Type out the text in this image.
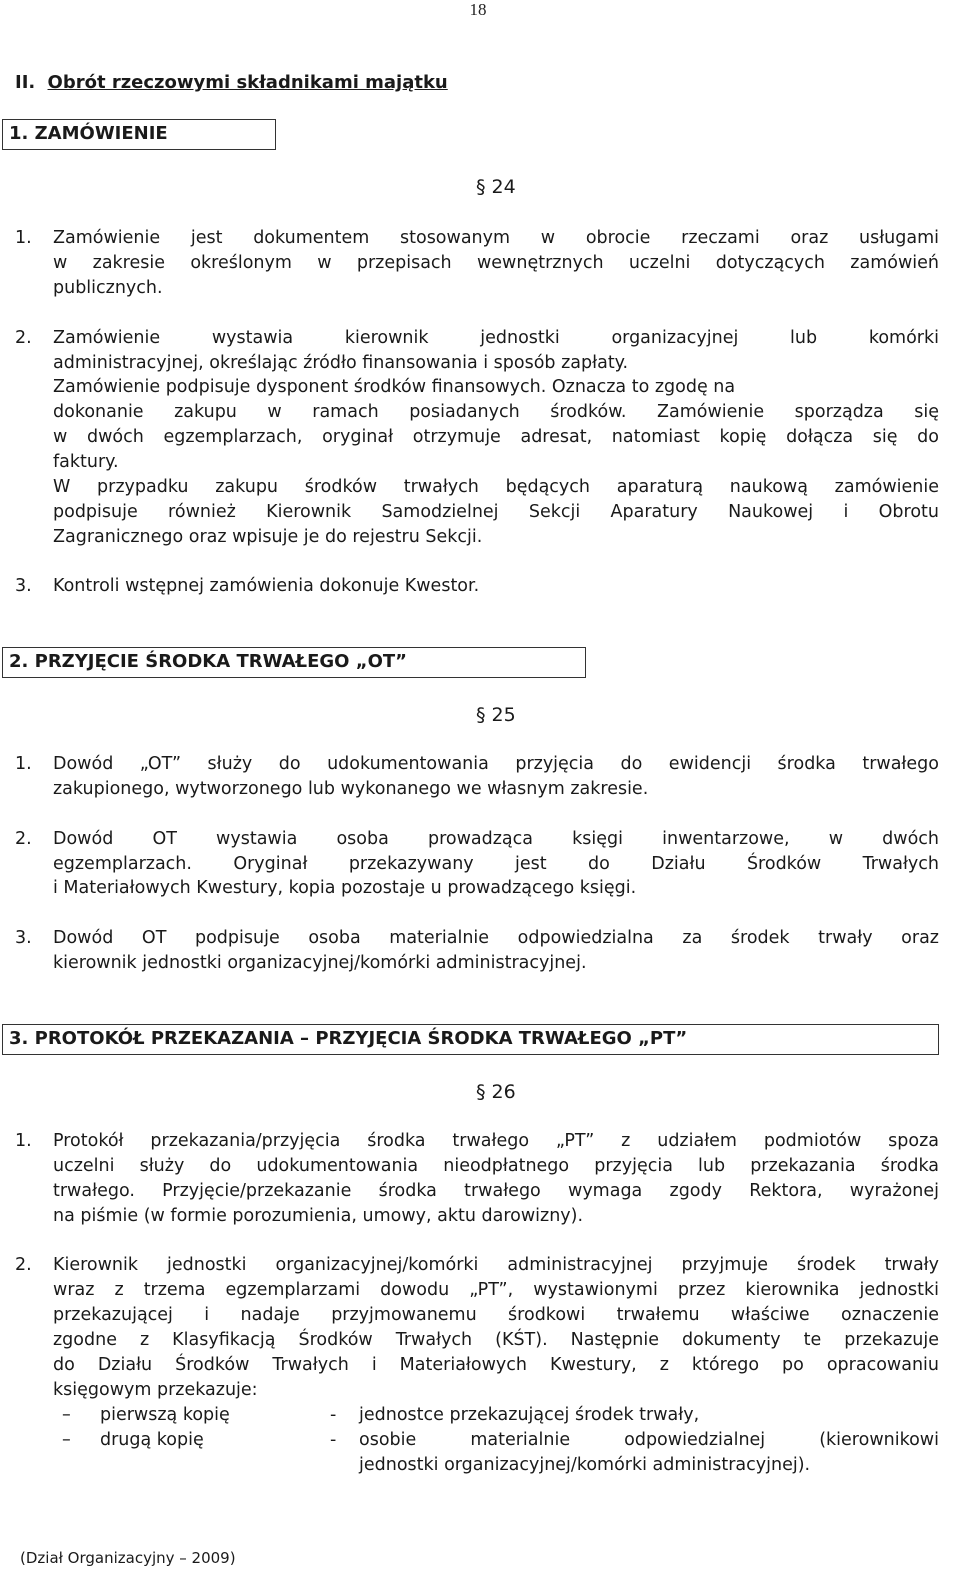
18
II. Obrót rzeczowymi składnikami majątku
1. ZAMÓWIENIE
§ 24
1. Zamówienie jest dokumentem stosowanym w obrocie rzeczami oraz usługami
w zakresie określonym w przepisach wewnętrznych uczelni dotyczących zamówień
publicznych.
2. Zamówienie wystawia kierownik jednostki organizacyjnej lub komórki
administracyjnej, określając źródło finansowania i sposób zapłaty.
Zamówienie podpisuje dysponent środków finansowych. Oznacza to zgodę na
dokonanie zakupu w ramach posiadanych środków. Zamówienie sporządza się
w dwóch egzemplarzach, oryginał otrzymuje adresat, natomiast kopię dołącza się do
faktury.
W przypadku zakupu środków trwałych będących aparaturą naukową zamówienie
podpisuje również Kierownik Samodzielnej Sekcji Aparatury Naukowej i Obrotu
Zagranicznego oraz wpisuje je do rejestru Sekcji.
3. Kontroli wstępnej zamówienia dokonuje Kwestor.
2. PRZYJĘCIE ŚRODKA TRWAŁEGO „OT”
§ 25
1. Dowód „OT” służy do udokumentowania przyjęcia do ewidencji środka trwałego
zakupionego, wytworzonego lub wykonanego we własnym zakresie.
2. Dowód OT wystawia osoba prowadząca księgi inwentarzowe, w dwóch
egzemplarzach. Oryginał przekazywany jest do Działu Środków Trwałych
i Materiałowych Kwestury, kopia pozostaje u prowadzącego księgi.
3. Dowód OT podpisuje osoba materialnie odpowiedzialna za środek trwały oraz
kierownik jednostki organizacyjnej/komórki administracyjnej.
3. PROTOKÓŁ PRZEKAZANIA – PRZYJĘCIA ŚRODKA TRWAŁEGO „PT”
§ 26
1. Protokół przekazania/przyjęcia środka trwałego „PT” z udziałem podmiotów spoza
uczelni służy do udokumentowania nieodpłatnego przyjęcia lub przekazania środka
trwałego. Przyjęcie/przekazanie środka trwałego wymaga zgody Rektora, wyrażonej
na piśmie (w formie porozumienia, umowy, aktu darowizny).
2. Kierownik jednostki organizacyjnej/komórki administracyjnej przyjmuje środek trwały
wraz z trzema egzemplarzami dowodu „PT”, wystawionymi przez kierownika jednostki
przekazującej i nadaje przyjmowanemu środkowi trwałemu właściwe oznaczenie
zgodne z Klasyfikacją Środków Trwałych (KŚT). Następnie dokumenty te przekazuje
do Działu Środków Trwałych i Materiałowych Kwestury, z którego po opracowaniu
księgowym przekazuje:
– pierwszą kopię	- jednostce przekazującej środek trwały,
– drugą kopię	- osobie materialnie odpowiedzialnej (kierownikowi
jednostki organizacyjnej/komórki administracyjnej).
(Dział Organizacyjny – 2009)
